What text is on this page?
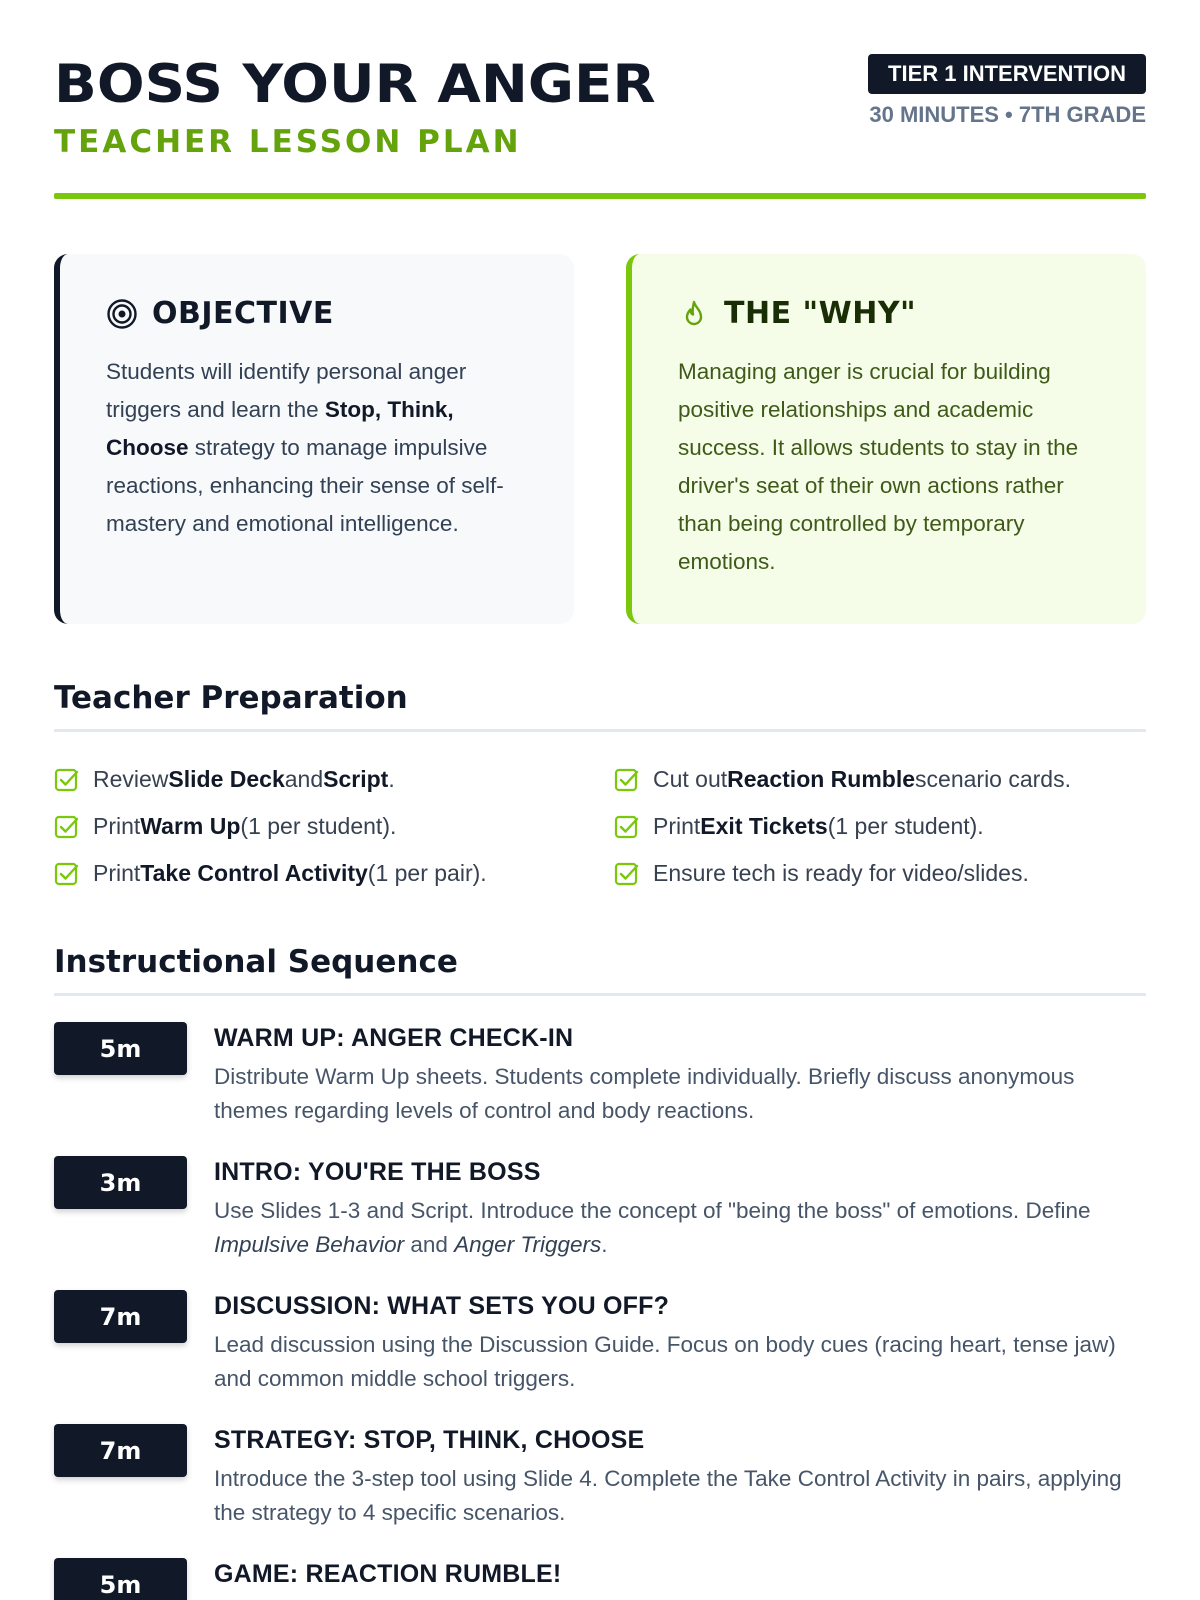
BOSS YOUR ANGER
TEACHER LESSON PLAN
TIER 1 INTERVENTION
30 MINUTES • 7TH GRADE
OBJECTIVE
Students will identify personal anger triggers and learn the Stop, Think, Choose strategy to manage impulsive reactions, enhancing their sense of self-mastery and emotional intelligence.
THE "WHY"
Managing anger is crucial for building positive relationships and academic success. It allows students to stay in the driver's seat of their own actions rather than being controlled by temporary emotions.
Teacher Preparation
Review Slide Deck and Script .	Cut out Reaction Rumble scenario cards.
Print Warm Up (1 per student).	Print Exit Tickets (1 per student).
Print Take Control Activity (1 per pair).	Ensure tech is ready for video/slides.
Instructional Sequence
5m	WARM UP: ANGER CHECK-IN
Distribute Warm Up sheets. Students complete individually. Briefly discuss anonymous themes regarding levels of control and body reactions.
3m	INTRO: YOU'RE THE BOSS
Use Slides 1-3 and Script. Introduce the concept of "being the boss" of emotions. Define Impulsive Behavior and Anger Triggers.
7m	DISCUSSION: WHAT SETS YOU OFF?
Lead discussion using the Discussion Guide. Focus on body cues (racing heart, tense jaw) and common middle school triggers.
7m	STRATEGY: STOP, THINK, CHOOSE
Introduce the 3-step tool using Slide 4. Complete the Take Control Activity in pairs, applying the strategy to 4 specific scenarios.
5m	GAME: REACTION RUMBLE!
